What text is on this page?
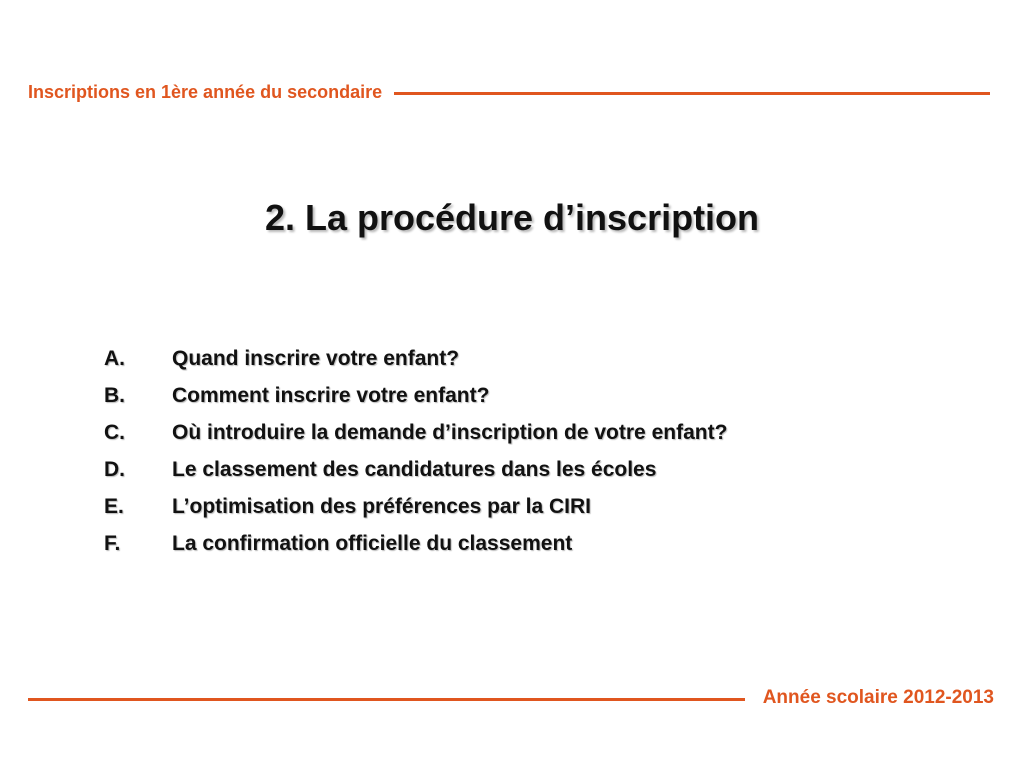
Inscriptions en 1ère année du secondaire
2. La procédure d’inscription
A.	Quand inscrire votre enfant?
B.	Comment inscrire votre enfant?
C.	Où introduire la demande d’inscription de votre enfant?
D.	Le classement des candidatures dans les écoles
E.	L’optimisation des préférences par la CIRI
F.	La confirmation officielle du classement
Année scolaire 2012-2013
